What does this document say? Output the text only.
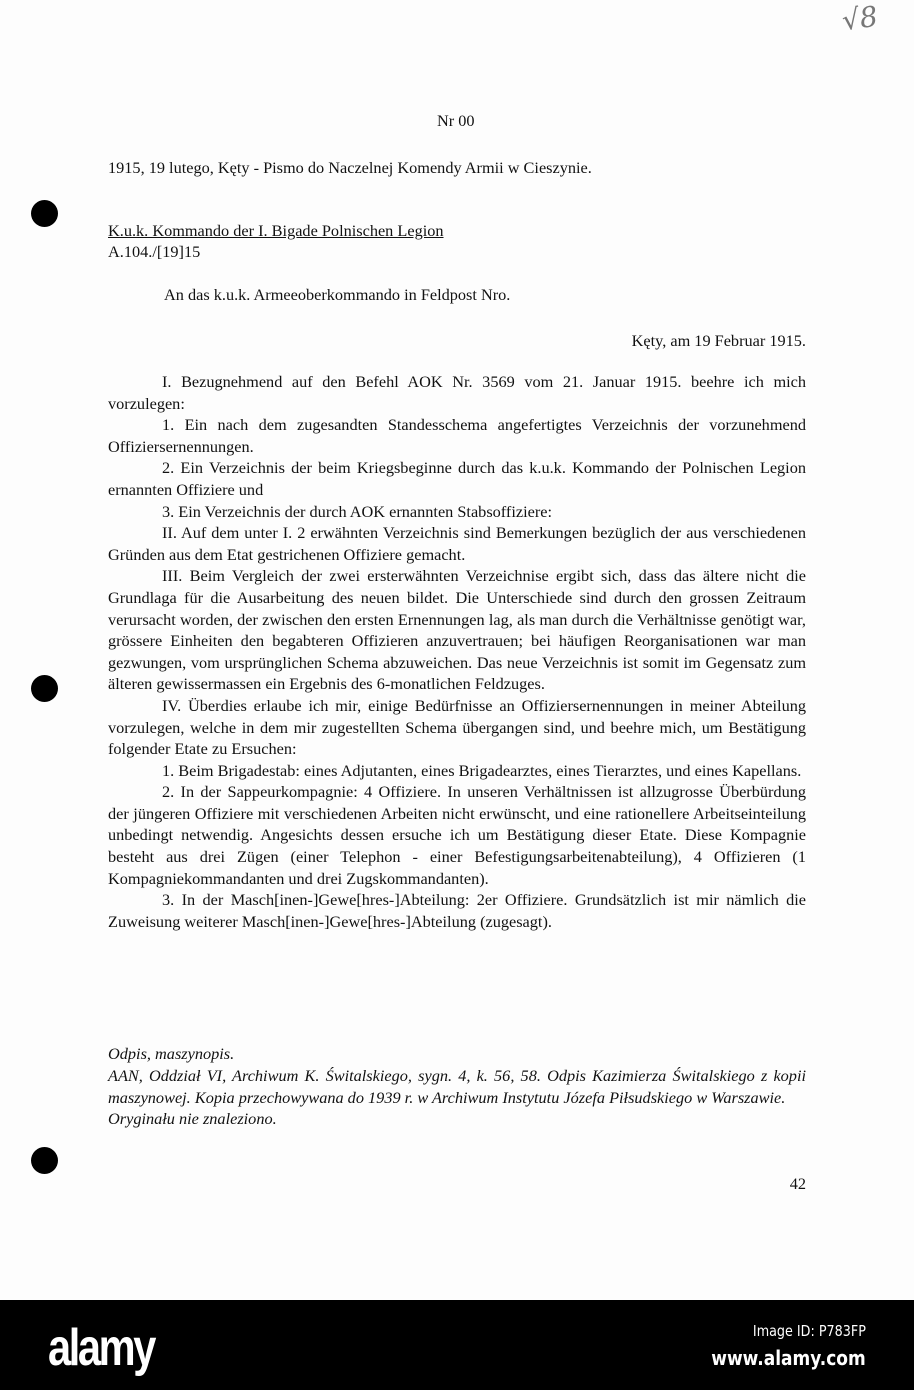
√8
Nr 00
1915, 19 lutego, Kęty - Pismo do Naczelnej Komendy Armii w Cieszynie.
K.u.k. Kommando der I. Bigade Polnischen Legion
A.104./[19]15
An das k.u.k. Armeeoberkommando in Feldpost Nro.
Kęty, am 19 Februar 1915.

I. Bezugnehmend auf den Befehl AOK Nr. 3569 vom 21. Januar 1915. beehre ich mich vorzulegen:

1. Ein nach dem zugesandten Standesschema angefertigtes Verzeichnis der vorzunehmend Offiziersernennungen.

2. Ein Verzeichnis der beim Kriegsbeginne durch das k.u.k. Kommando der Polnischen Legion ernannten Offiziere und

3. Ein Verzeichnis der durch AOK ernannten Stabsoffiziere:

II. Auf dem unter I. 2 erwähnten Verzeichnis sind Bemerkungen bezüglich der aus verschiedenen Gründen aus dem Etat gestrichenen Offiziere gemacht.

III. Beim Vergleich der zwei ersterwähnten Verzeichnise ergibt sich, dass das ältere nicht die Grundlaga für die Ausarbeitung des neuen bildet. Die Unterschiede sind durch den grossen Zeitraum verursacht worden, der zwischen den ersten Ernennungen lag, als man durch die Verhältnisse genötigt war, grössere Einheiten den begabteren Offizieren anzuvertrauen; bei häufigen Reorganisationen war man gezwungen, vom ursprünglichen Schema abzuweichen. Das neue Verzeichnis ist somit im Gegensatz zum älteren gewissermassen ein Ergebnis des 6-monatlichen Feldzuges.

IV. Überdies erlaube ich mir, einige Bedürfnisse an Offiziersernennungen in meiner Abteilung vorzulegen, welche in dem mir zugestellten Schema übergangen sind, und beehre mich, um Bestätigung folgender Etate zu Ersuchen:

1. Beim Brigadestab: eines Adjutanten, eines Brigadearztes, eines Tierarztes, und eines Kapellans.

2. In der Sappeurkompagnie: 4 Offiziere. In unseren Verhältnissen ist allzugrosse Überbürdung der jüngeren Offiziere mit verschiedenen Arbeiten nicht erwünscht, und eine rationellere Arbeitseinteilung unbedingt netwendig. Angesichts dessen ersuche ich um Bestätigung dieser Etate. Diese Kompagnie besteht aus drei Zügen (einer Telephon - einer Befestigungsarbeitenabteilung), 4 Offizieren (1 Kompagniekommandanten und drei Zugskommandanten).

3. In der Masch[inen-]Gewe[hres-]Abteilung: 2er Offiziere. Grundsätzlich ist mir nämlich die Zuweisung weiterer Masch[inen-]Gewe[hres-]Abteilung (zugesagt).

Odpis, maszynopis.

AAN, Oddział VI, Archiwum K. Świtalskiego, sygn. 4, k. 56, 58. Odpis Kazimierza Świtalskiego z kopii maszynowej. Kopia przechowywana do 1939 r. w Archiwum Instytutu Józefa Piłsudskiego w Warszawie.

Oryginału nie znaleziono.

42
alamy	Image ID: P783FP
www.alamy.com
